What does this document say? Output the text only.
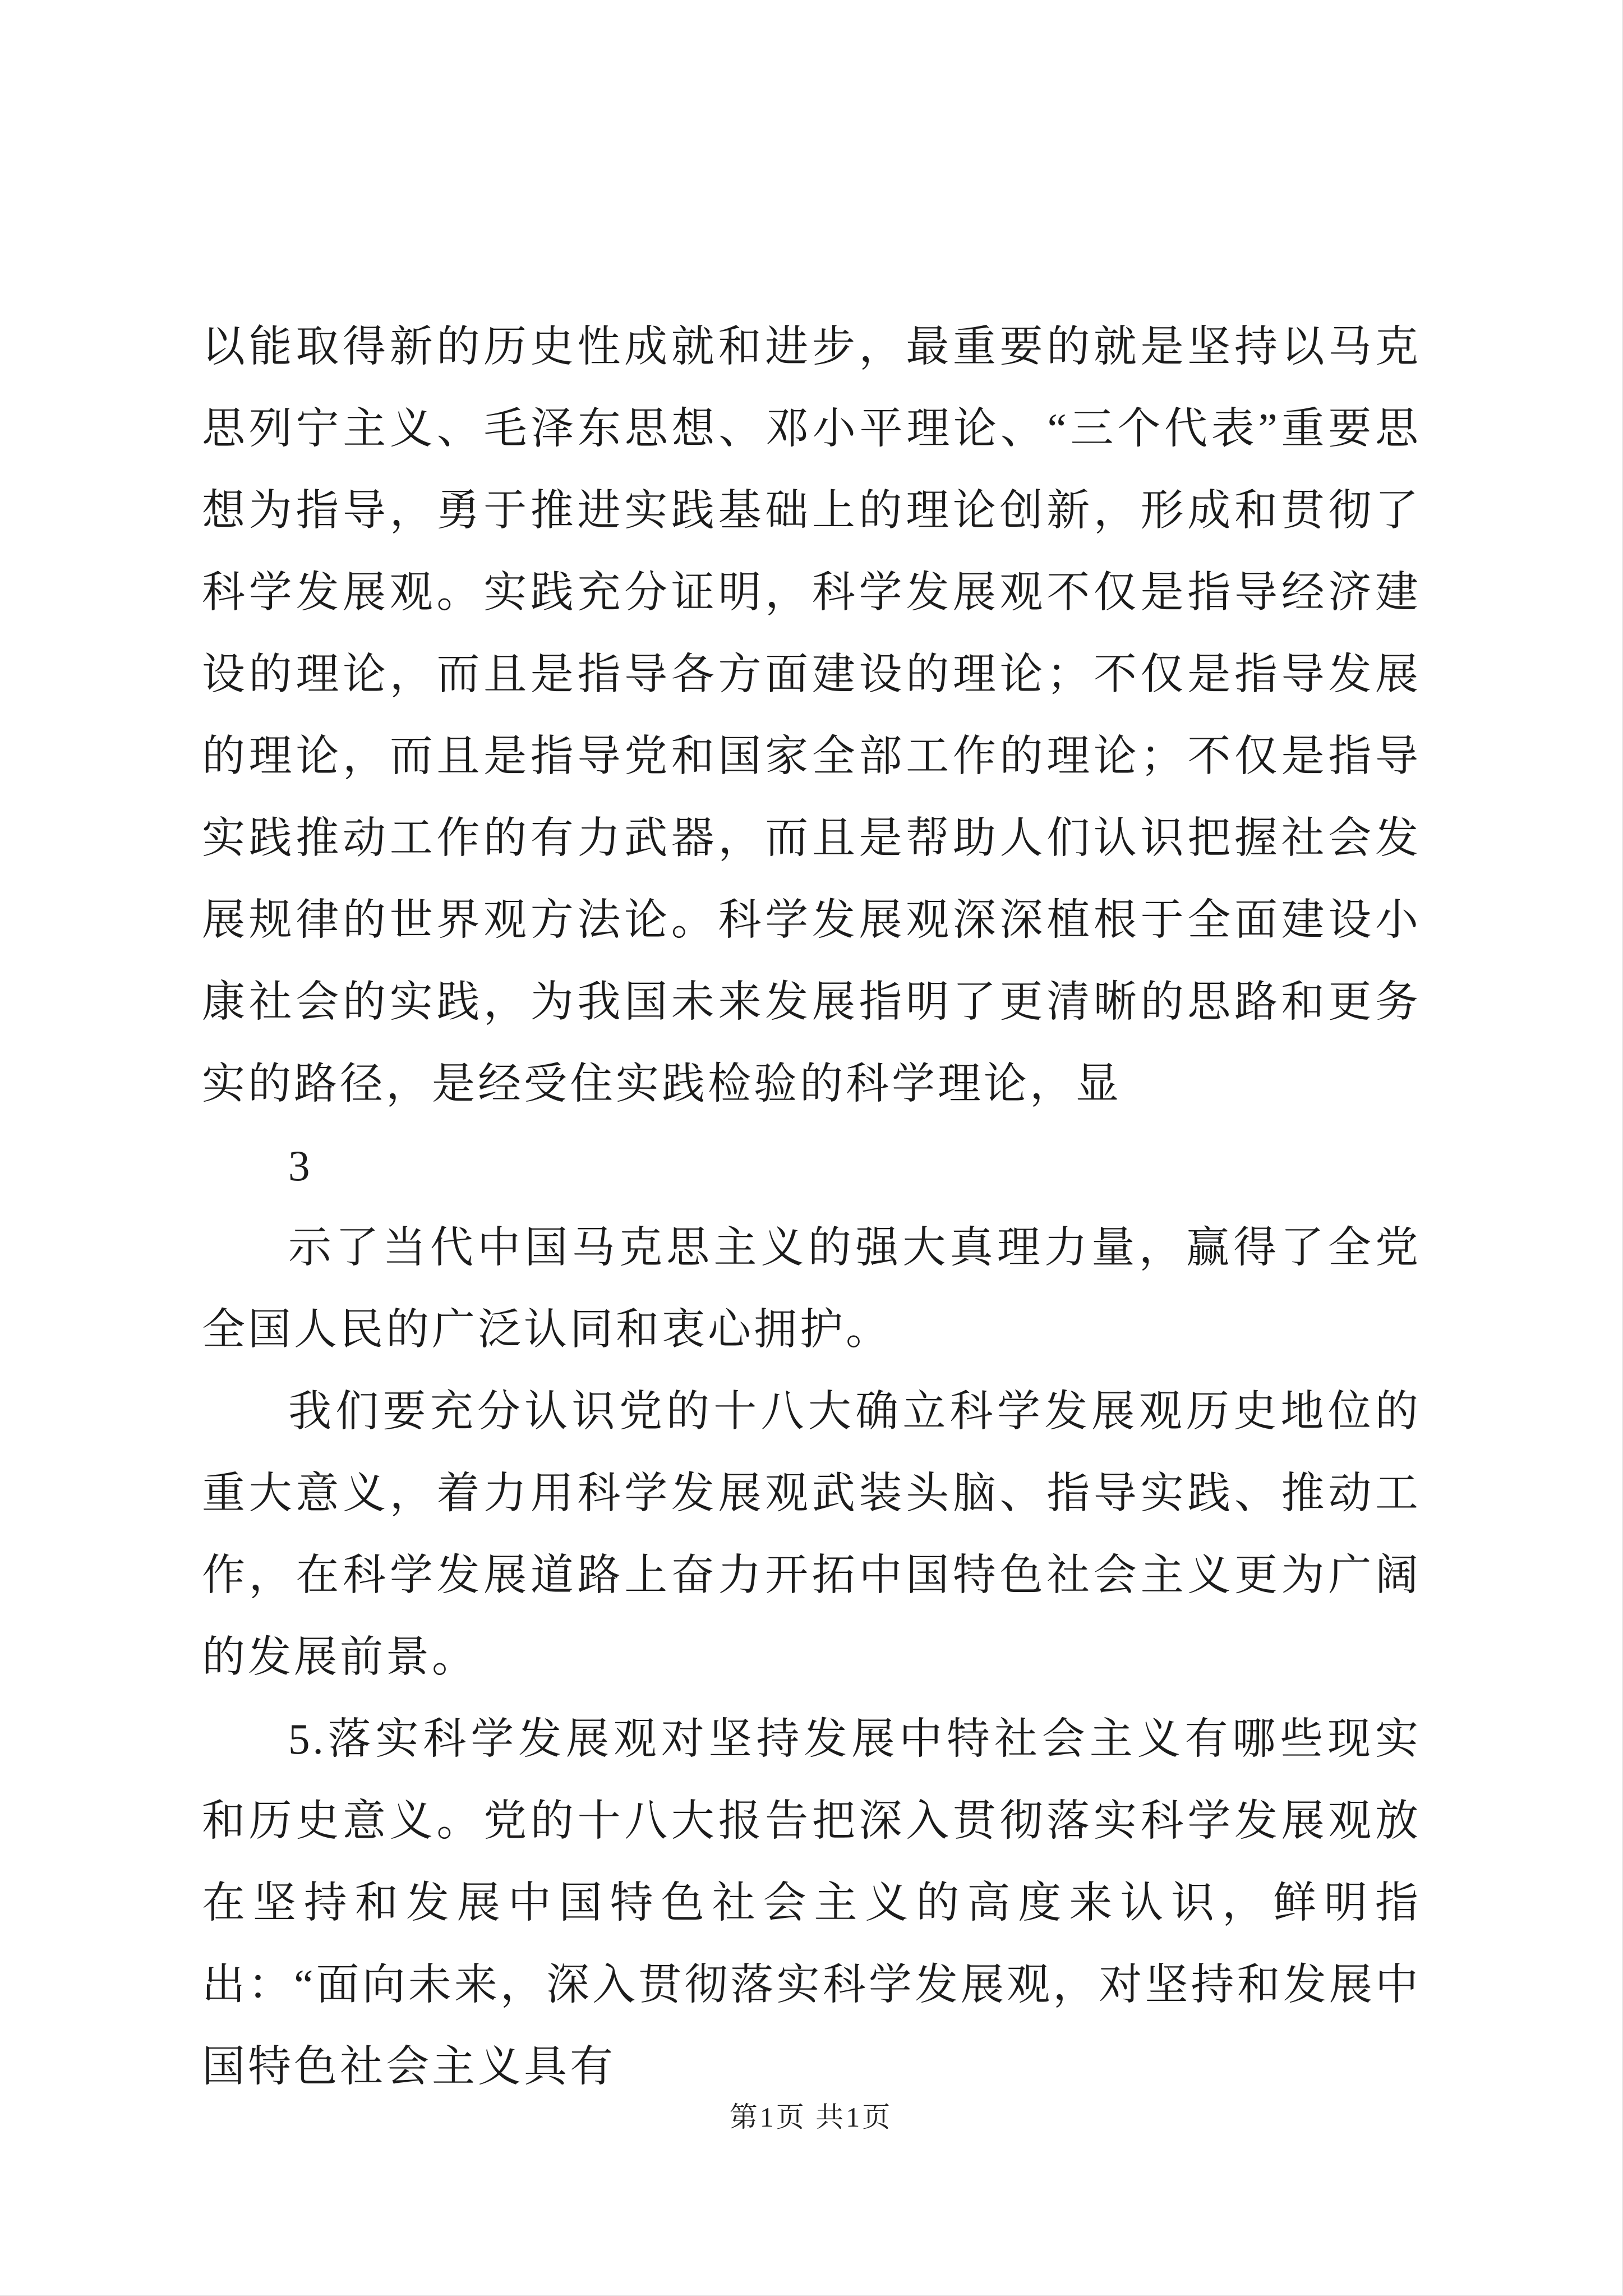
以能取得新的历史性成就和进步，最重要的就是坚持以马克思列宁主义、毛泽东思想、邓小平理论、“三个代表”重要思想为指导，勇于推进实践基础上的理论创新，形成和贯彻了科学发展观。实践充分证明，科学发展观不仅是指导经济建设的理论，而且是指导各方面建设的理论；不仅是指导发展的理论，而且是指导党和国家全部工作的理论；不仅是指导实践推动工作的有力武器，而且是帮助人们认识把握社会发展规律的世界观方法论。科学发展观深深植根于全面建设小康社会的实践，为我国未来发展指明了更清晰的思路和更务实的路径，是经受住实践检验的科学理论，显

3

示了当代中国马克思主义的强大真理力量，赢得了全党全国人民的广泛认同和衷心拥护。

我们要充分认识党的十八大确立科学发展观历史地位的重大意义，着力用科学发展观武装头脑、指导实践、推动工作，在科学发展道路上奋力开拓中国特色社会主义更为广阔的发展前景。

5.落实科学发展观对坚持发展中特社会主义有哪些现实和历史意义。党的十八大报告把深入贯彻落实科学发展观放在坚持和发展中国特色社会主义的高度来认识，鲜明指出：“面向未来，深入贯彻落实科学发展观，对坚持和发展中国特色社会主义具有

第1页 共1页
